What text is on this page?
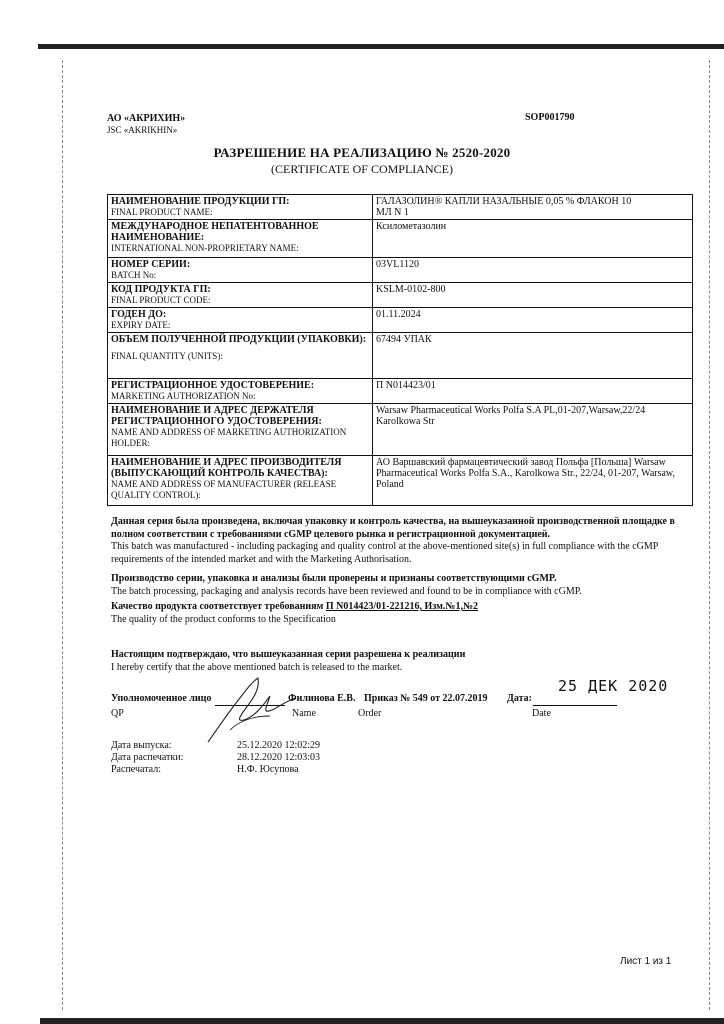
АО «АКРИХИН»
JSC «AKRIKHIN»
SOP001790
РАЗРЕШЕНИЕ НА РЕАЛИЗАЦИЮ № 2520-2020
(CERTIFICATE OF COMPLIANCE)
НАИМЕНОВАНИЕ ПРОДУКЦИИ ГП:
FINAL PRODUCT NAME:	ГАЛАЗОЛИН® КАПЛИ НАЗАЛЬНЫЕ 0,05 % ФЛАКОН 10 МЛ N 1

МЕЖДУНАРОДНОЕ НЕПАТЕНТОВАННОЕ НАИМЕНОВАНИЕ:
INTERNATIONAL NON-PROPRIETARY NAME:	Ксилометазолин

НОМЕР СЕРИИ:
BATCH No:	03VL1120

КОД ПРОДУКТА ГП:
FINAL PRODUCT CODE:	KSLM-0102-800

ГОДЕН ДО:
EXPIRY DATE:	01.11.2024

ОБЪЕМ ПОЛУЧЕННОЙ ПРОДУКЦИИ (УПАКОВКИ):
FINAL QUANTITY (UNITS):	67494 УПАК

РЕГИСТРАЦИОННОЕ УДОСТОВЕРЕНИЕ:
MARKETING AUTHORIZATION No:	П N014423/01

НАИМЕНОВАНИЕ И АДРЕС ДЕРЖАТЕЛЯ РЕГИСТРАЦИОННОГО УДОСТОВЕРЕНИЯ:
NAME AND ADDRESS OF MARKETING AUTHORIZATION HOLDER:	Warsaw Pharmaceutical Works Polfa S.A PL,01-207,Warsaw,22/24 Karolkowa Str

НАИМЕНОВАНИЕ И АДРЕС ПРОИЗВОДИТЕЛЯ (ВЫПУСКАЮЩИЙ КОНТРОЛЬ КАЧЕСТВА):
NAME AND ADDRESS OF MANUFACTURER (RELEASE QUALITY CONTROL):	АО Варшавский фармацевтический завод Польфа [Польша] Warsaw Pharmaceutical Works Polfa S.A., Karolkowa Str., 22/24, 01-207, Warsaw, Poland
Данная серия была произведена, включая упаковку и контроль качества, на вышеуказанной производственной площадке в полном соответствии с требованиями cGMP целевого рынка и регистрационной документацией.
This batch was manufactured - including packaging and quality control at the above-mentioned site(s) in full compliance with the cGMP requirements of the intended market and with the Marketing Authorisation.
Производство серии, упаковка и анализы были проверены и признаны соответствующими cGMP.
The batch processing, packaging and analysis records have been reviewed and found to be in compliance with cGMP.
Качество продукта соответствует требованиям П N014423/01-221216, Изм.№1,№2
The quality of the product conforms to the Specification
Настоящим подтверждаю, что вышеуказанная серия разрешена к реализации
I hereby certify that the above mentioned batch is released to the market.
Уполномоченное лицо
QP
Филинова Е.В.
Name
Приказ № 549 от 22.07.2019
Order
Дата:
Date
25 ДЕК 2020
Дата выпуска:	25.12.2020 12:02:29
Дата распечатки:	28.12.2020 12:03:03
Распечатал:	Н.Ф. Юсупова
Лист 1 из 1
